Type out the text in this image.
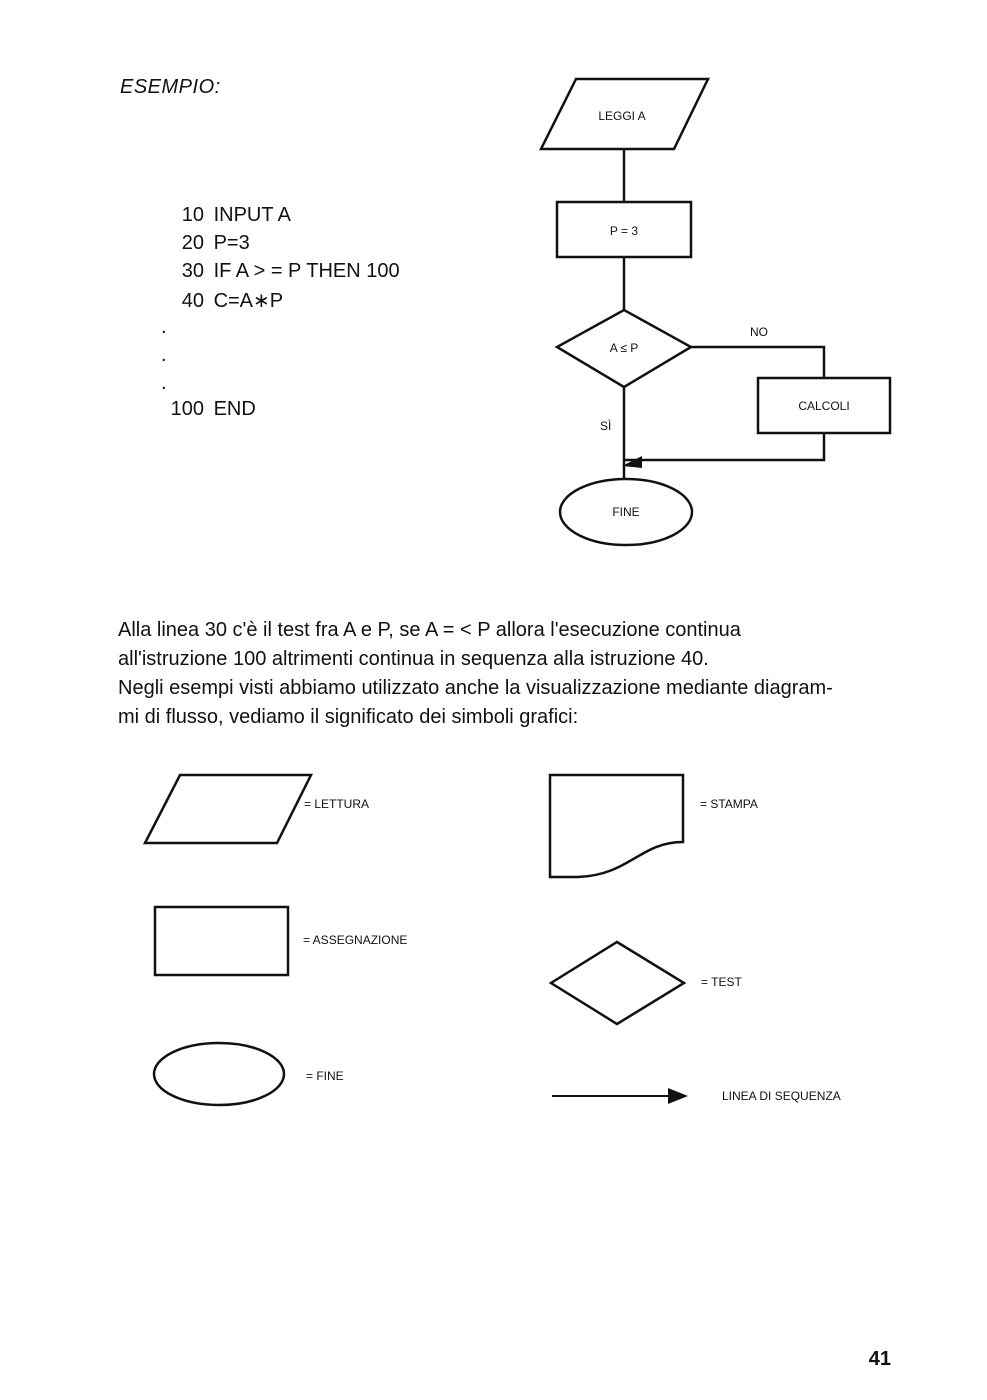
ESEMPIO:
10 INPUT A
20 P=3
30 IF A > = P THEN 100
40 C=A∗P
.
.
.
100 END
LEGGI A
P = 3
A ≤ P
NO
SÌ
CALCOLI
FINE
= LETTURA	= STAMPA
= ASSEGNAZIONE
= TEST
= FINE
LINEA DI SEQUENZA
Alla linea 30 c'è il test fra A e P, se A = < P allora l'esecuzione continua
all'istruzione 100 altrimenti continua in sequenza alla istruzione 40.
Negli esempi visti abbiamo utilizzato anche la visualizzazione mediante diagram-
mi di flusso, vediamo il significato dei simboli grafici:
41
